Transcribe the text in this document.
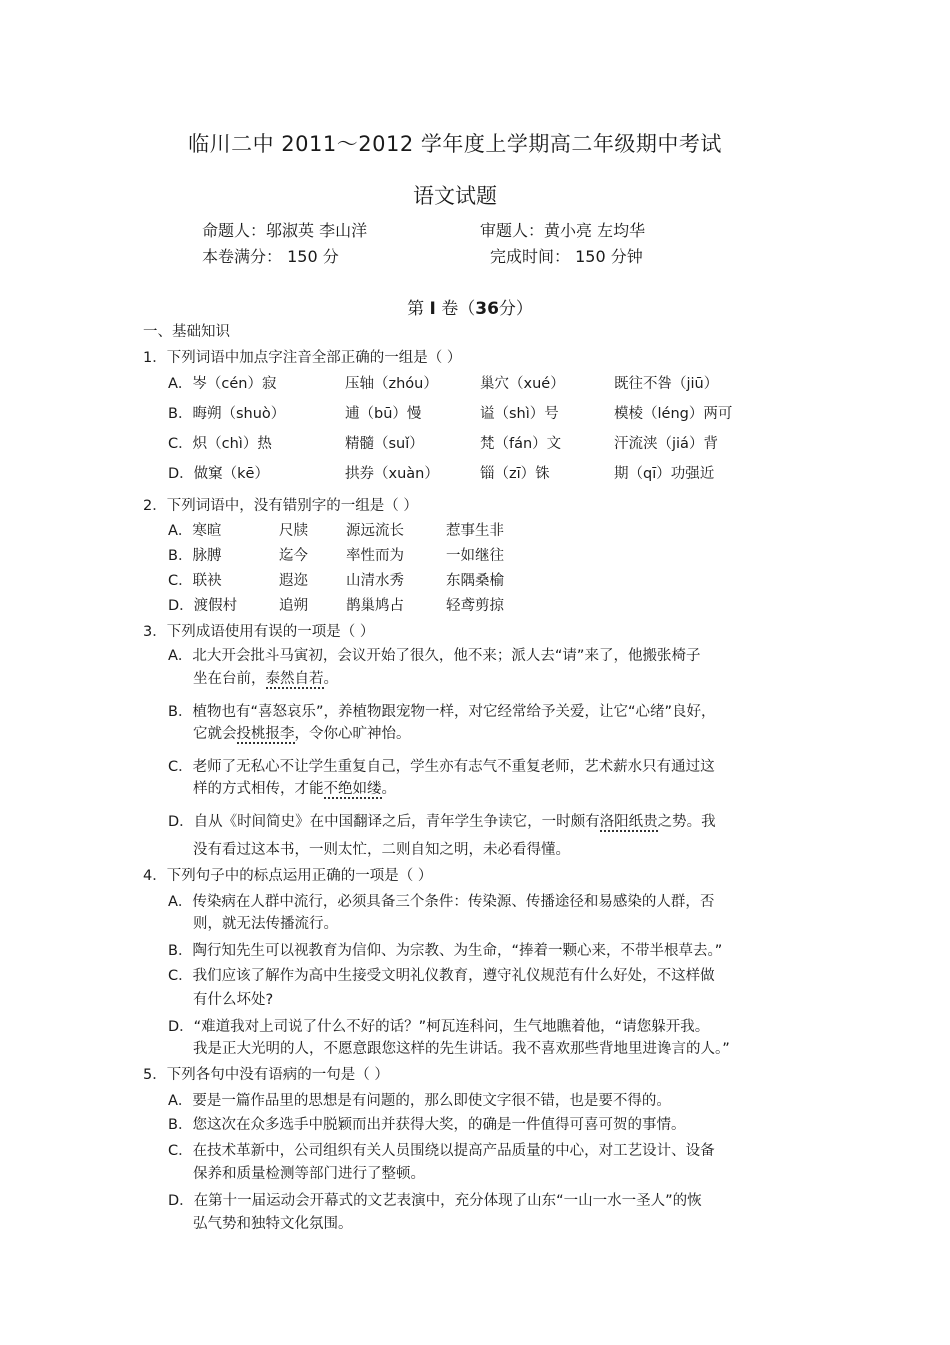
临川二中 2011～2012 学年度上学期高二年级期中考试
语文试题
命题人：邬淑英 李山洋	审题人：黄小亮 左均华
本卷满分： 150 分	完成时间： 150 分钟
第 Ⅰ 卷（36分）
一、基础知识
1．下列词语中加点字注音全部正确的一组是（ ）
A．岑（cén）寂	压轴（zhóu）	巢穴（xué）	既往不咎（jiū）
B．晦朔（shuò）	逋（bū）慢	谥（shì）号	模棱（léng）两可
C．炽（chì）热	精髓（suǐ）	梵（fán）文	汗流浃（jiá）背
D．做窠（kē）	拱券（xuàn）	锱（zī）铢	期（qī）功强近
2．下列词语中，没有错别字的一组是（ ）
A．寒暄	尺牍	源远流长	惹事生非
B．脉膊	迄今	率性而为	一如继往
C．联袂	遐迩	山清水秀	东隅桑榆
D．渡假村	追朔	鹊巢鸠占	轻鸢剪掠
3．下列成语使用有误的一项是（ ）
A．北大开会批斗马寅初，会议开始了很久，他不来；派人去“请”来了，他搬张椅子
坐在台前，泰然自若。
B．植物也有“喜怒哀乐”，养植物跟宠物一样，对它经常给予关爱，让它“心绪”良好，
它就会投桃报李，令你心旷神怡。
C．老师了无私心不让学生重复自己，学生亦有志气不重复老师，艺术薪水只有通过这
样的方式相传，才能不绝如缕。
D．自从《时间简史》在中国翻译之后，青年学生争读它，一时颇有洛阳纸贵之势。我
没有看过这本书，一则太忙，二则自知之明，未必看得懂。
4．下列句子中的标点运用正确的一项是（ ）
A．传染病在人群中流行，必须具备三个条件：传染源、传播途径和易感染的人群，否
则，就无法传播流行。
B．陶行知先生可以视教育为信仰、为宗教、为生命，“捧着一颗心来，不带半根草去。”
C．我们应该了解作为高中生接受文明礼仪教育，遵守礼仪规范有什么好处，不这样做
有什么坏处?
D．“难道我对上司说了什么不好的话？”柯瓦连科问，生气地瞧着他，“请您躲开我。
我是正大光明的人，不愿意跟您这样的先生讲话。我不喜欢那些背地里进谗言的人。”
5．下列各句中没有语病的一句是（ ）
A．要是一篇作品里的思想是有问题的，那么即使文字很不错，也是要不得的。
B．您这次在众多选手中脱颖而出并获得大奖，的确是一件值得可喜可贺的事情。
C．在技术革新中，公司组织有关人员围绕以提高产品质量的中心，对工艺设计、设备
保养和质量检测等部门进行了整顿。
D．在第十一届运动会开幕式的文艺表演中，充分体现了山东“一山一水一圣人”的恢
弘气势和独特文化氛围。
